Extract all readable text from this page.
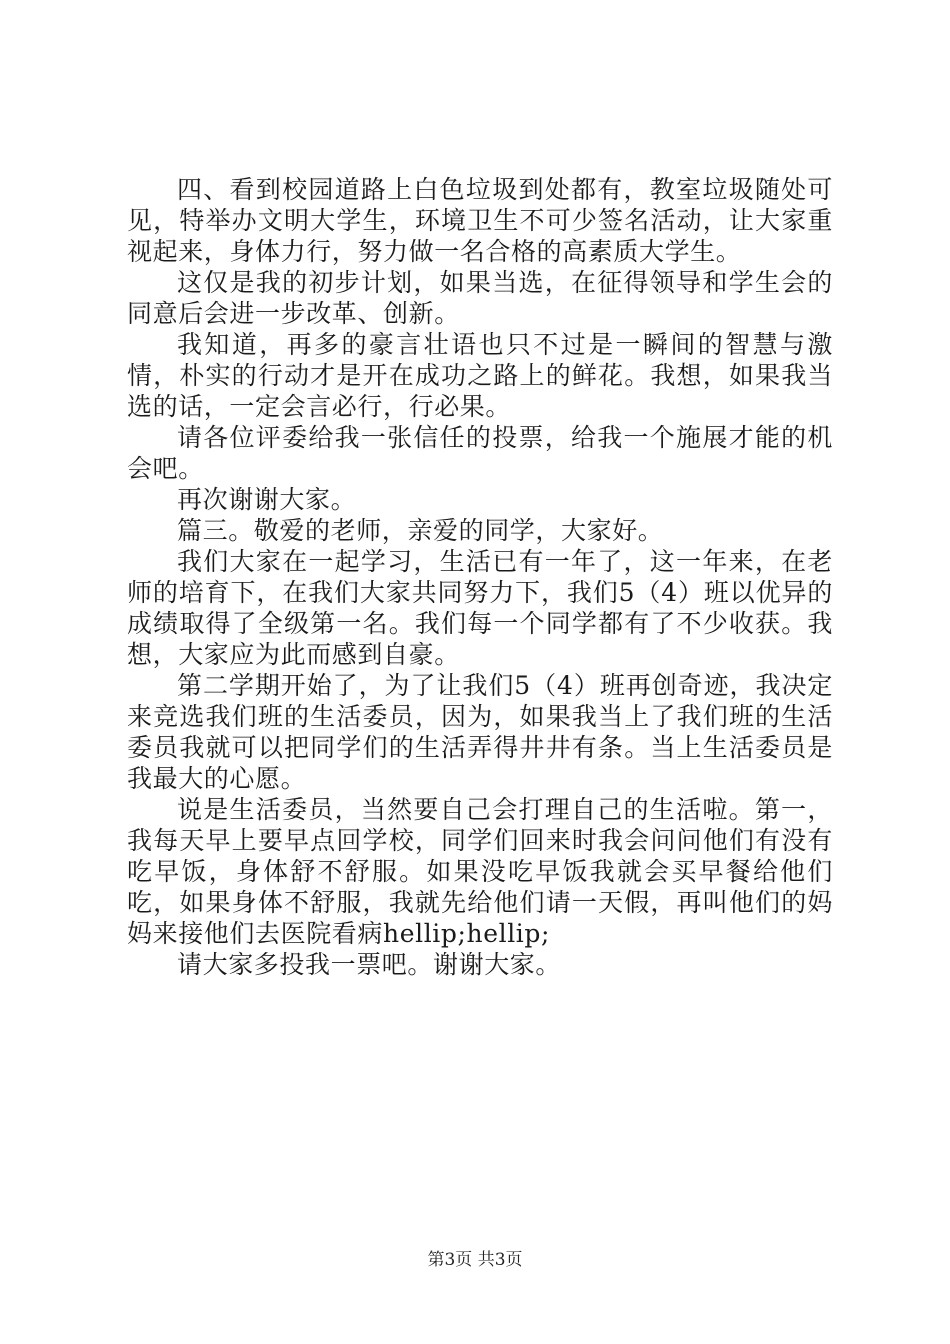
四、看到校园道路上白色垃圾到处都有，教室垃圾随处可见，特举办文明大学生，环境卫生不可少签名活动，让大家重视起来，身体力行，努力做一名合格的高素质大学生。

这仅是我的初步计划，如果当选，在征得领导和学生会的同意后会进一步改革、创新。

我知道，再多的豪言壮语也只不过是一瞬间的智慧与激情，朴实的行动才是开在成功之路上的鲜花。我想，如果我当选的话，一定会言必行，行必果。

请各位评委给我一张信任的投票，给我一个施展才能的机会吧。

再次谢谢大家。

篇三。敬爱的老师，亲爱的同学，大家好。

我们大家在一起学习，生活已有一年了，这一年来，在老师的培育下，在我们大家共同努力下，我们5（4）班以优异的成绩取得了全级第一名。我们每一个同学都有了不少收获。我想，大家应为此而感到自豪。

第二学期开始了，为了让我们5（4）班再创奇迹，我决定来竞选我们班的生活委员，因为，如果我当上了我们班的生活委员我就可以把同学们的生活弄得井井有条。当上生活委员是我最大的心愿。

说是生活委员，当然要自己会打理自己的生活啦。第一，我每天早上要早点回学校，同学们回来时我会问问他们有没有吃早饭，身体舒不舒服。如果没吃早饭我就会买早餐给他们吃，如果身体不舒服，我就先给他们请一天假，再叫他们的妈妈来接他们去医院看病hellip;hellip;

请大家多投我一票吧。谢谢大家。

第3页 共3页
